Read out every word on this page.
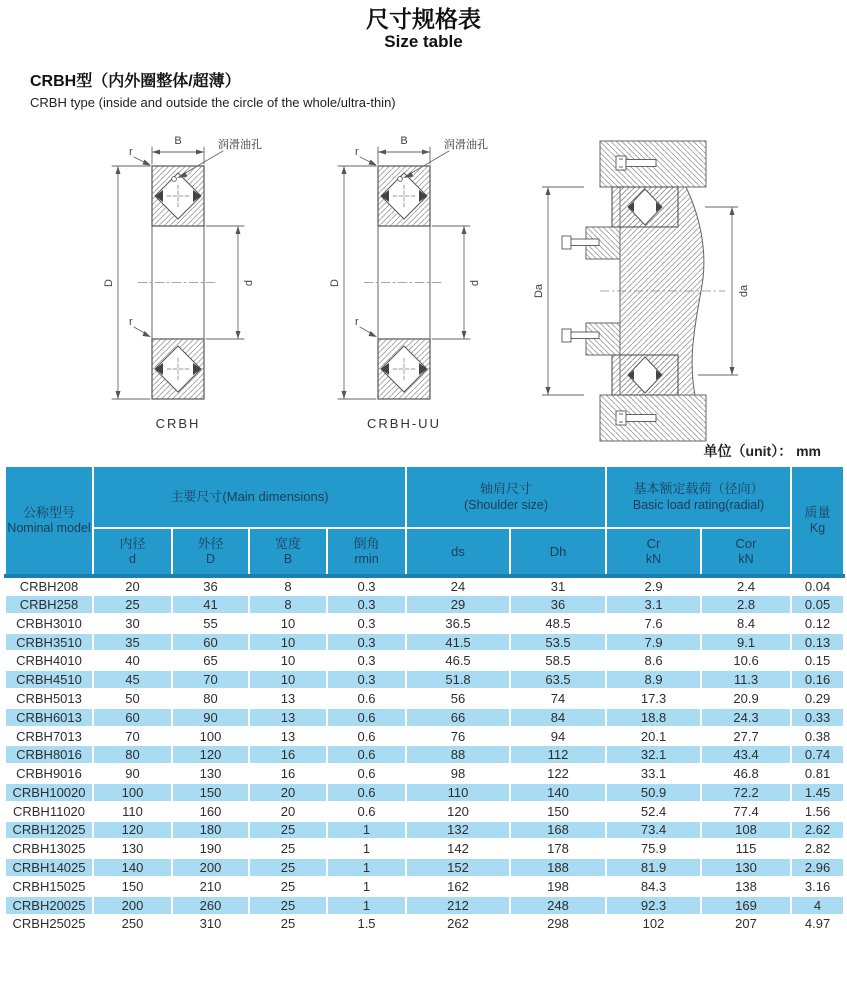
尺寸规格表
Size table

CRBH型（内外圈整体/超薄）

CRBH type (inside and outside the circle of the whole/ultra-thin)

CRBH	CRBH-UU
Da	da
单位（unit）： mm
公称型号
Nominal model
	主要尺寸(Main dimensions)	
轴肩尺寸
(Shoulder size)

基本额定载荷（径向）
Basic load rating(radial)

质量
Kg

内径
d

外径
D

宽度
B

倒角
rmin
	ds	Dh	
Cr
kN

Cor
kN

CRBH208	20	36	8	0.3	24	31	2.9	2.4	0.04
CRBH258	25	41	8	0.3	29	36	3.1	2.8	0.05
CRBH3010	30	55	10	0.3	36.5	48.5	7.6	8.4	0.12
CRBH3510	35	60	10	0.3	41.5	53.5	7.9	9.1	0.13
CRBH4010	40	65	10	0.3	46.5	58.5	8.6	10.6	0.15
CRBH4510	45	70	10	0.3	51.8	63.5	8.9	11.3	0.16
CRBH5013	50	80	13	0.6	56	74	17.3	20.9	0.29
CRBH6013	60	90	13	0.6	66	84	18.8	24.3	0.33
CRBH7013	70	100	13	0.6	76	94	20.1	27.7	0.38
CRBH8016	80	120	16	0.6	88	112	32.1	43.4	0.74
CRBH9016	90	130	16	0.6	98	122	33.1	46.8	0.81
CRBH10020	100	150	20	0.6	110	140	50.9	72.2	1.45
CRBH11020	110	160	20	0.6	120	150	52.4	77.4	1.56
CRBH12025	120	180	25	1	132	168	73.4	108	2.62
CRBH13025	130	190	25	1	142	178	75.9	115	2.82
CRBH14025	140	200	25	1	152	188	81.9	130	2.96
CRBH15025	150	210	25	1	162	198	84.3	138	3.16
CRBH20025	200	260	25	1	212	248	92.3	169	4
CRBH25025	250	310	25	1.5	262	298	102	207	4.97
